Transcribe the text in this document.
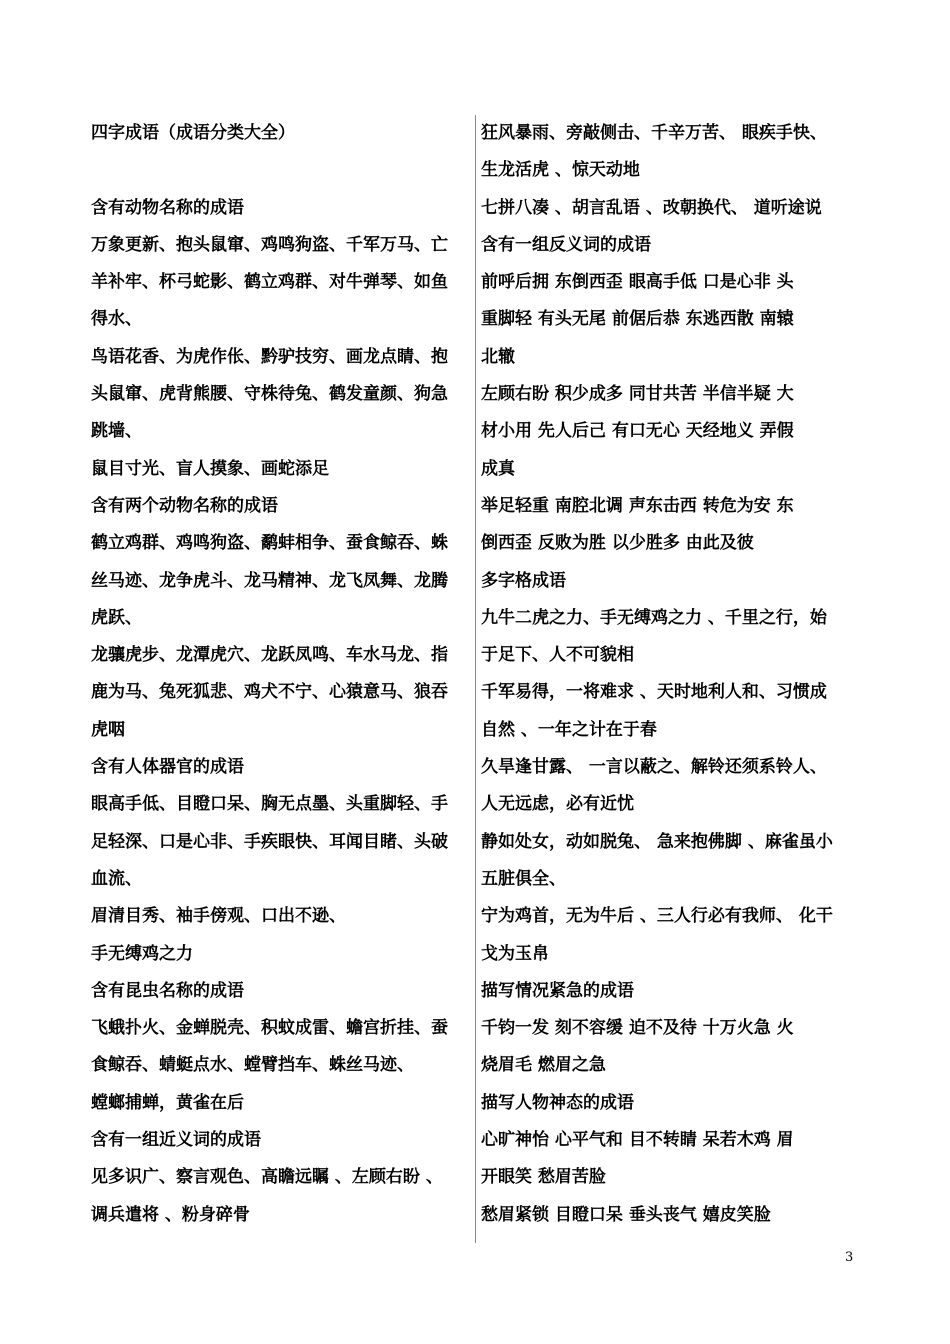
四字成语（成语分类大全）
含有动物名称的成语
万象更新、抱头鼠窜、鸡鸣狗盗、千军万马、亡
羊补牢、杯弓蛇影、鹤立鸡群、对牛弹琴、如鱼
得水、
鸟语花香、为虎作伥、黔驴技穷、画龙点睛、抱
头鼠窜、虎背熊腰、守株待兔、鹤发童颜、狗急
跳墙、
鼠目寸光、盲人摸象、画蛇添足
含有两个动物名称的成语
鹤立鸡群、鸡鸣狗盗、鹬蚌相争、蚕食鲸吞、蛛
丝马迹、龙争虎斗、龙马精神、龙飞凤舞、龙腾
虎跃、
龙骧虎步、龙潭虎穴、龙跃凤鸣、车水马龙、指
鹿为马、兔死狐悲、鸡犬不宁、心猿意马、狼吞
虎咽
含有人体器官的成语
眼高手低、目瞪口呆、胸无点墨、头重脚轻、手
足轻深、口是心非、手疾眼快、耳闻目睹、头破
血流、
眉清目秀、袖手傍观、口出不逊、
手无缚鸡之力
含有昆虫名称的成语
飞蛾扑火、金蝉脱壳、积蚊成雷、蟾宫折挂、蚕
食鲸吞、蜻蜓点水、螳臂挡车、蛛丝马迹、
螳螂捕蝉，黄雀在后
含有一组近义词的成语
见多识广、察言观色、高瞻远瞩 、左顾右盼 、
调兵遣将 、粉身碎骨
狂风暴雨、旁敲侧击、千辛万苦、 眼疾手快、
生龙活虎 、惊天动地
七拼八凑 、胡言乱语 、改朝换代、 道听途说
含有一组反义词的成语
前呼后拥 东倒西歪 眼高手低 口是心非 头
重脚轻 有头无尾 前倨后恭 东逃西散 南辕
北辙
左顾右盼 积少成多 同甘共苦 半信半疑 大
材小用 先人后己 有口无心 天经地义 弄假
成真
举足轻重 南腔北调 声东击西 转危为安 东
倒西歪 反败为胜 以少胜多 由此及彼
多字格成语
九牛二虎之力、手无缚鸡之力 、千里之行，始
于足下、人不可貌相
千军易得，一将难求 、天时地利人和、习惯成
自然 、一年之计在于春
久旱逢甘露、 一言以蔽之、解铃还须系铃人、
人无远虑，必有近忧
静如处女，动如脱兔、 急来抱佛脚 、麻雀虽小
五脏俱全、
宁为鸡首，无为牛后 、三人行必有我师、 化干
戈为玉帛
描写情况紧急的成语
千钧一发 刻不容缓 迫不及待 十万火急 火
烧眉毛 燃眉之急
描写人物神态的成语
心旷神怡 心平气和 目不转睛 呆若木鸡 眉
开眼笑 愁眉苦脸
愁眉紧锁 目瞪口呆 垂头丧气 嬉皮笑脸
3
